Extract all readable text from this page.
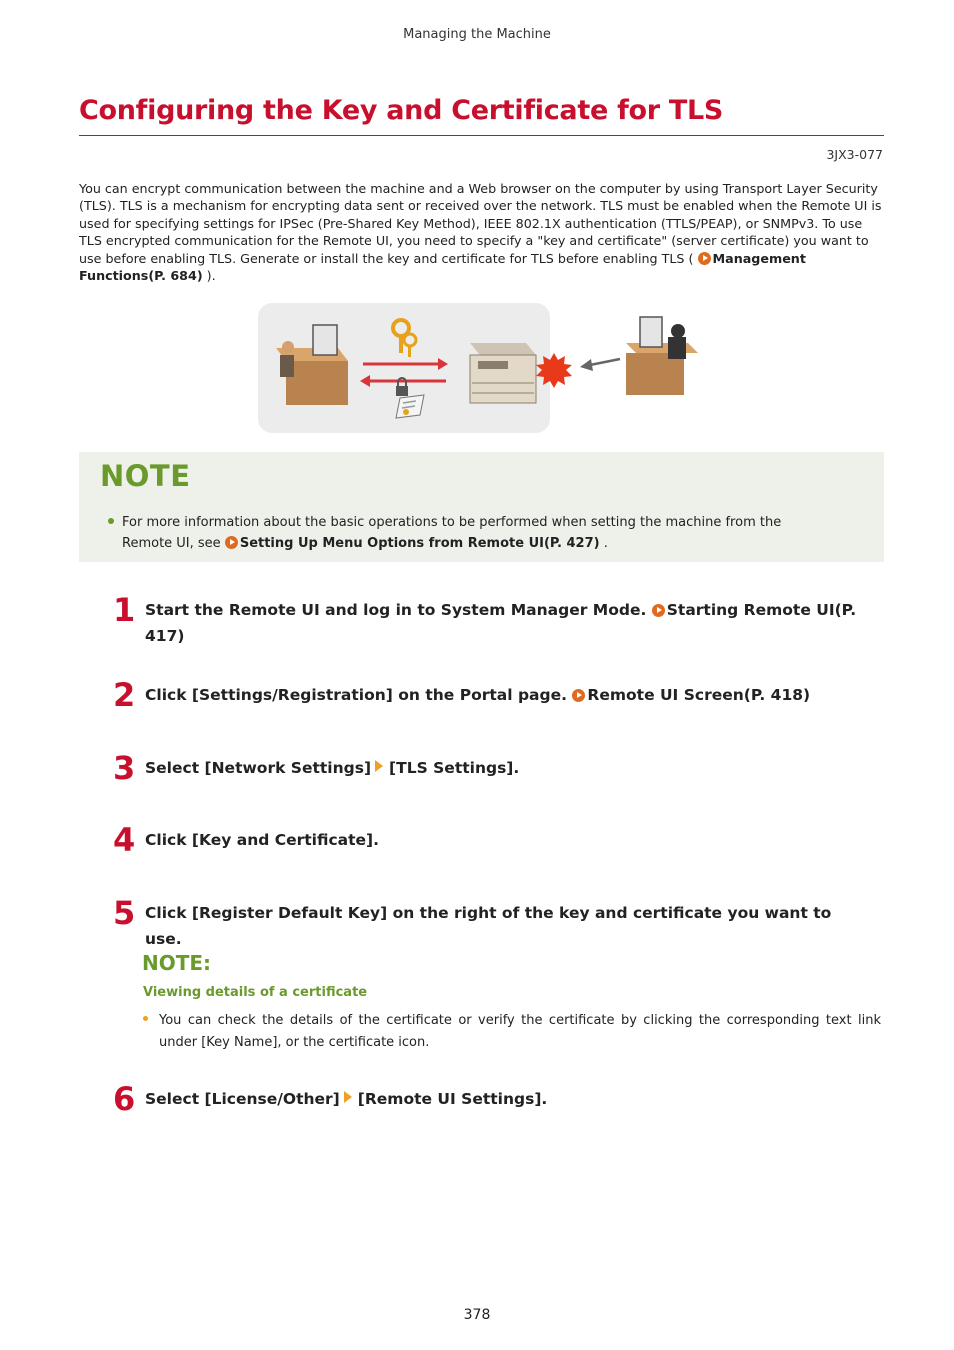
Managing the Machine
Configuring the Key and Certificate for TLS
3JX3-077
You can encrypt communication between the machine and a Web browser on the computer by using Transport Layer Security (TLS). TLS is a mechanism for encrypting data sent or received over the network. TLS must be enabled when the Remote UI is used for specifying settings for IPSec (Pre-Shared Key Method), IEEE 802.1X authentication (TTLS/PEAP), or SNMPv3. To use TLS encrypted communication for the Remote UI, you need to specify a "key and certificate" (server certificate) you want to use before enabling TLS. Generate or install the key and certificate for TLS before enabling TLS ( Management Functions(P. 684) ).
NOTE
For more information about the basic operations to be performed when setting the machine from the Remote UI, see Setting Up Menu Options from Remote UI(P. 427) .
1 Start the Remote UI and log in to System Manager Mode. Starting Remote UI(P. 417)
2 Click [Settings/Registration] on the Portal page. Remote UI Screen(P. 418)
3 Select [Network Settings] [TLS Settings].
4 Click [Key and Certificate].
5 Click [Register Default Key] on the right of the key and certificate you want to use.
NOTE:
Viewing details of a certificate
You can check the details of the certificate or verify the certificate by clicking the corresponding text link under [Key Name], or the certificate icon.
6 Select [License/Other] [Remote UI Settings].
378
